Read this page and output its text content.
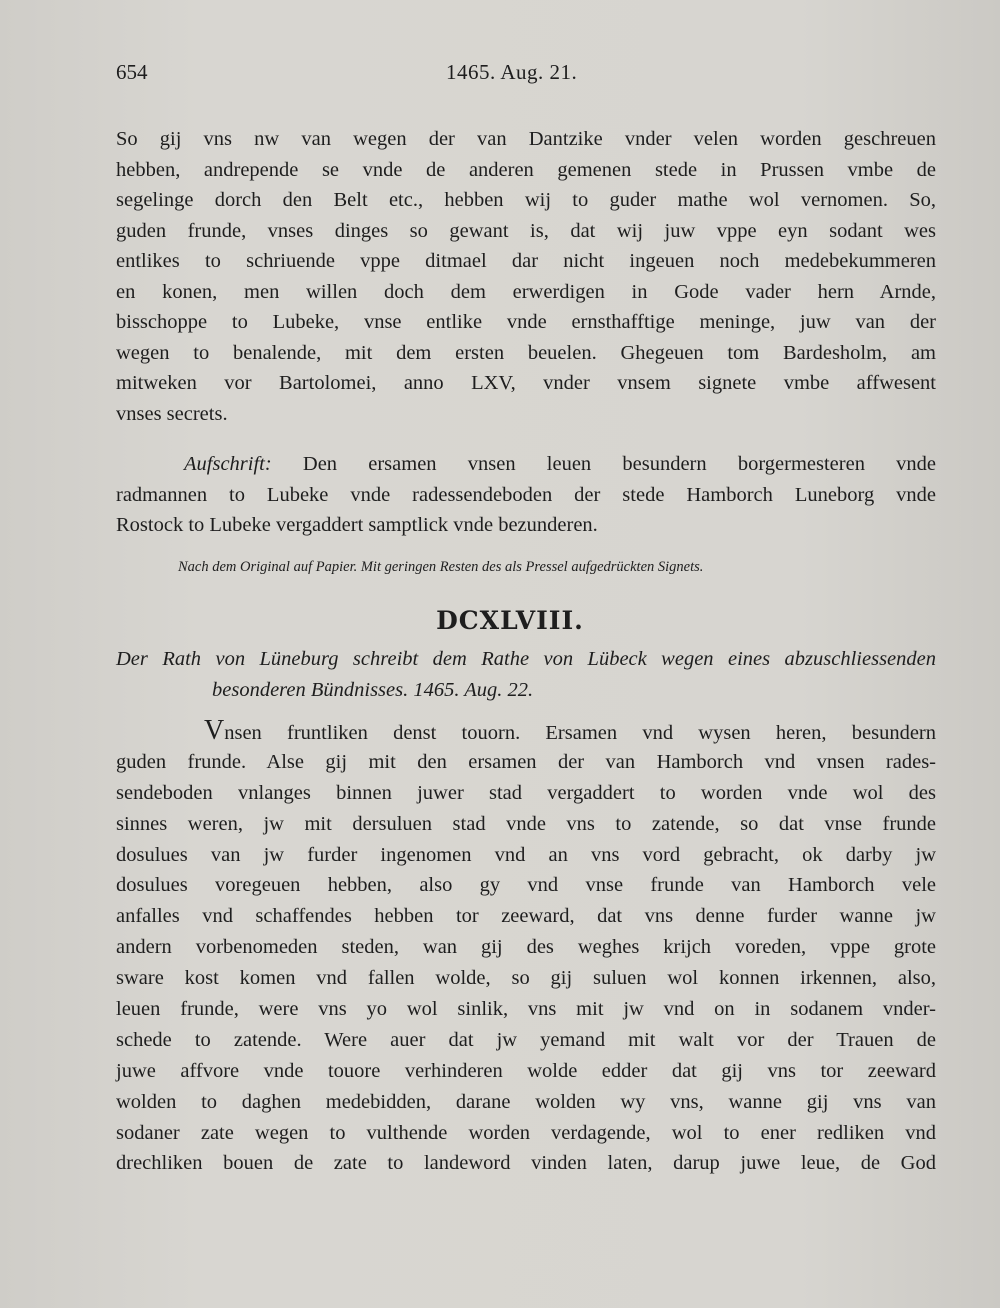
654	1465. Aug. 21.
So gij vns nw van wegen der van Dantzike vnder velen worden geschreuen
hebben, andrepende se vnde de anderen gemenen stede in Prussen vmbe de
segelinge dorch den Belt etc., hebben wij to guder mathe wol vernomen. So,
guden frunde, vnses dinges so gewant is, dat wij juw vppe eyn sodant wes
entlikes to schriuende vppe ditmael dar nicht ingeuen noch medebekummeren
en konen, men willen doch dem erwerdigen in Gode vader hern Arnde,
bisschoppe to Lubeke, vnse entlike vnde ernsthafftige meninge, juw van der
wegen to benalende, mit dem ersten beuelen. Ghegeuen tom Bardesholm, am
mitweken vor Bartolomei, anno LXV, vnder vnsem signete vmbe affwesent
vnses secrets.
Aufschrift: Den ersamen vnsen leuen besundern borgermesteren vnde
radmannen to Lubeke vnde radessendeboden der stede Hamborch Luneborg vnde
Rostock to Lubeke vergaddert samptlick vnde bezunderen.
Nach dem Original auf Papier. Mit geringen Resten des als Pressel aufgedrückten Signets.
DCXLVIII.
Der Rath von Lüneburg schreibt dem Rathe von Lübeck wegen eines abzuschliessenden
besonderen Bündnisses. 1465. Aug. 22.
Vnsen fruntliken denst touorn. Ersamen vnd wysen heren, besundern
guden frunde. Alse gij mit den ersamen der van Hamborch vnd vnsen rades-
sendeboden vnlanges binnen juwer stad vergaddert to worden vnde wol des
sinnes weren, jw mit dersuluen stad vnde vns to zatende, so dat vnse frunde
dosulues van jw furder ingenomen vnd an vns vord gebracht, ok darby jw
dosulues voregeuen hebben, also gy vnd vnse frunde van Hamborch vele
anfalles vnd schaffendes hebben tor zeeward, dat vns denne furder wanne jw
andern vorbenomeden steden, wan gij des weghes krijch voreden, vppe grote
sware kost komen vnd fallen wolde, so gij suluen wol konnen irkennen, also,
leuen frunde, were vns yo wol sinlik, vns mit jw vnd on in sodanem vnder-
schede to zatende. Were auer dat jw yemand mit walt vor der Trauen de
juwe affvore vnde touore verhinderen wolde edder dat gij vns tor zeeward
wolden to daghen medebidden, darane wolden wy vns, wanne gij vns van
sodaner zate wegen to vulthende worden verdagende, wol to ener redliken vnd
drechliken bouen de zate to landeword vinden laten, darup juwe leue, de God
